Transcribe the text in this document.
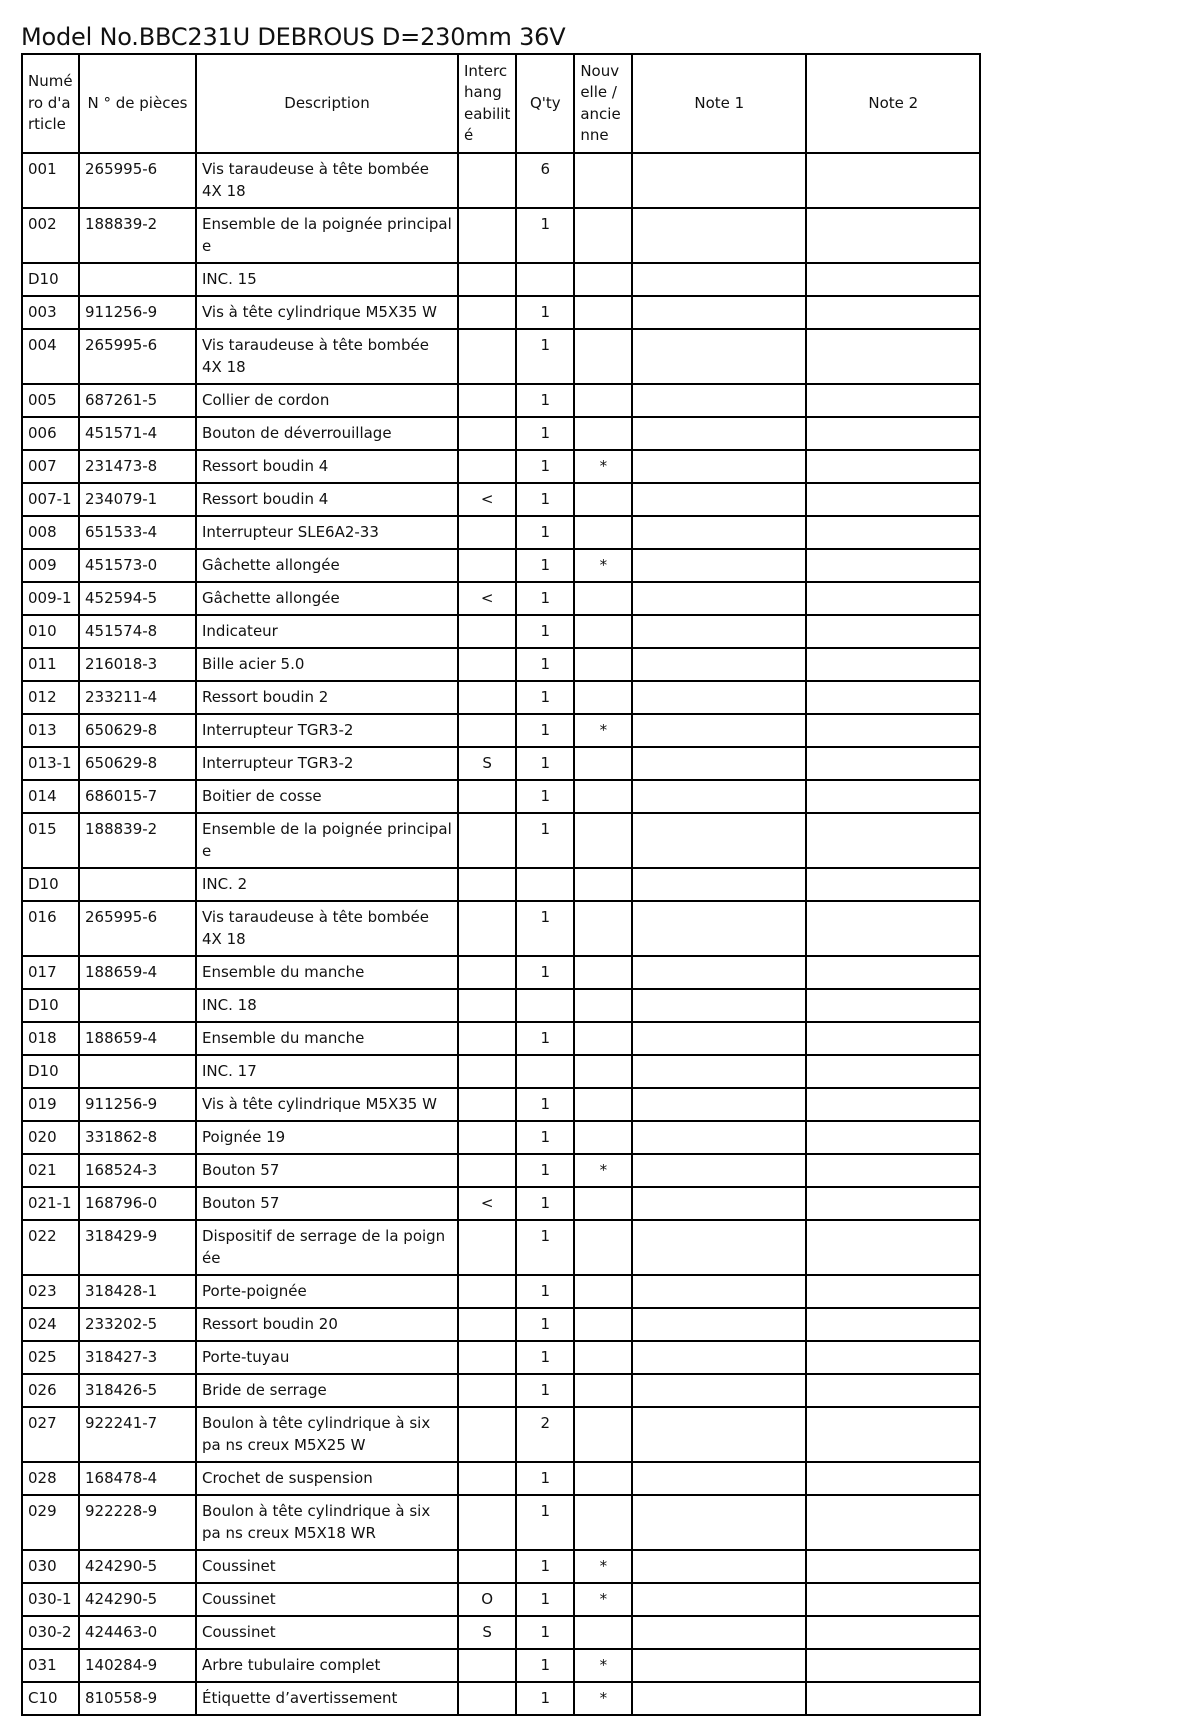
Model No.BBC231U DEBROUS D=230mm 36V
Numé ro d'a rticle	N ° de pièces	Description	Interc hang eabilit é	Q'ty	Nouv elle / ancie nne	Note 1	Note 2
001	265995-6	Vis taraudeuse à tête bombée 4X 18		6			
002	188839-2	Ensemble de la poignée principal e		1			
D10		INC. 15					
003	911256-9	Vis à tête cylindrique M5X35 W		1			
004	265995-6	Vis taraudeuse à tête bombée 4X 18		1			
005	687261-5	Collier de cordon		1			
006	451571-4	Bouton de déverrouillage		1			
007	231473-8	Ressort boudin 4		1	*		
007-1	234079-1	Ressort boudin 4	<	1			
008	651533-4	Interrupteur SLE6A2-33		1			
009	451573-0	Gâchette allongée		1	*		
009-1	452594-5	Gâchette allongée	<	1			
010	451574-8	Indicateur		1			
011	216018-3	Bille acier 5.0		1			
012	233211-4	Ressort boudin 2		1			
013	650629-8	Interrupteur TGR3-2		1	*		
013-1	650629-8	Interrupteur TGR3-2	S	1			
014	686015-7	Boitier de cosse		1			
015	188839-2	Ensemble de la poignée principal e		1			
D10		INC. 2					
016	265995-6	Vis taraudeuse à tête bombée 4X 18		1			
017	188659-4	Ensemble du manche		1			
D10		INC. 18					
018	188659-4	Ensemble du manche		1			
D10		INC. 17					
019	911256-9	Vis à tête cylindrique M5X35 W		1			
020	331862-8	Poignée 19		1			
021	168524-3	Bouton 57		1	*		
021-1	168796-0	Bouton 57	<	1			
022	318429-9	Dispositif de serrage de la poign ée		1			
023	318428-1	Porte-poignée		1			
024	233202-5	Ressort boudin 20		1			
025	318427-3	Porte-tuyau		1			
026	318426-5	Bride de serrage		1			
027	922241-7	Boulon à tête cylindrique à six pa ns creux M5X25 W		2			
028	168478-4	Crochet de suspension		1			
029	922228-9	Boulon à tête cylindrique à six pa ns creux M5X18 WR		1			
030	424290-5	Coussinet		1	*		
030-1	424290-5	Coussinet	O	1	*		
030-2	424463-0	Coussinet	S	1			
031	140284-9	Arbre tubulaire complet		1	*		
C10	810558-9	Étiquette d’avertissement		1	*		
